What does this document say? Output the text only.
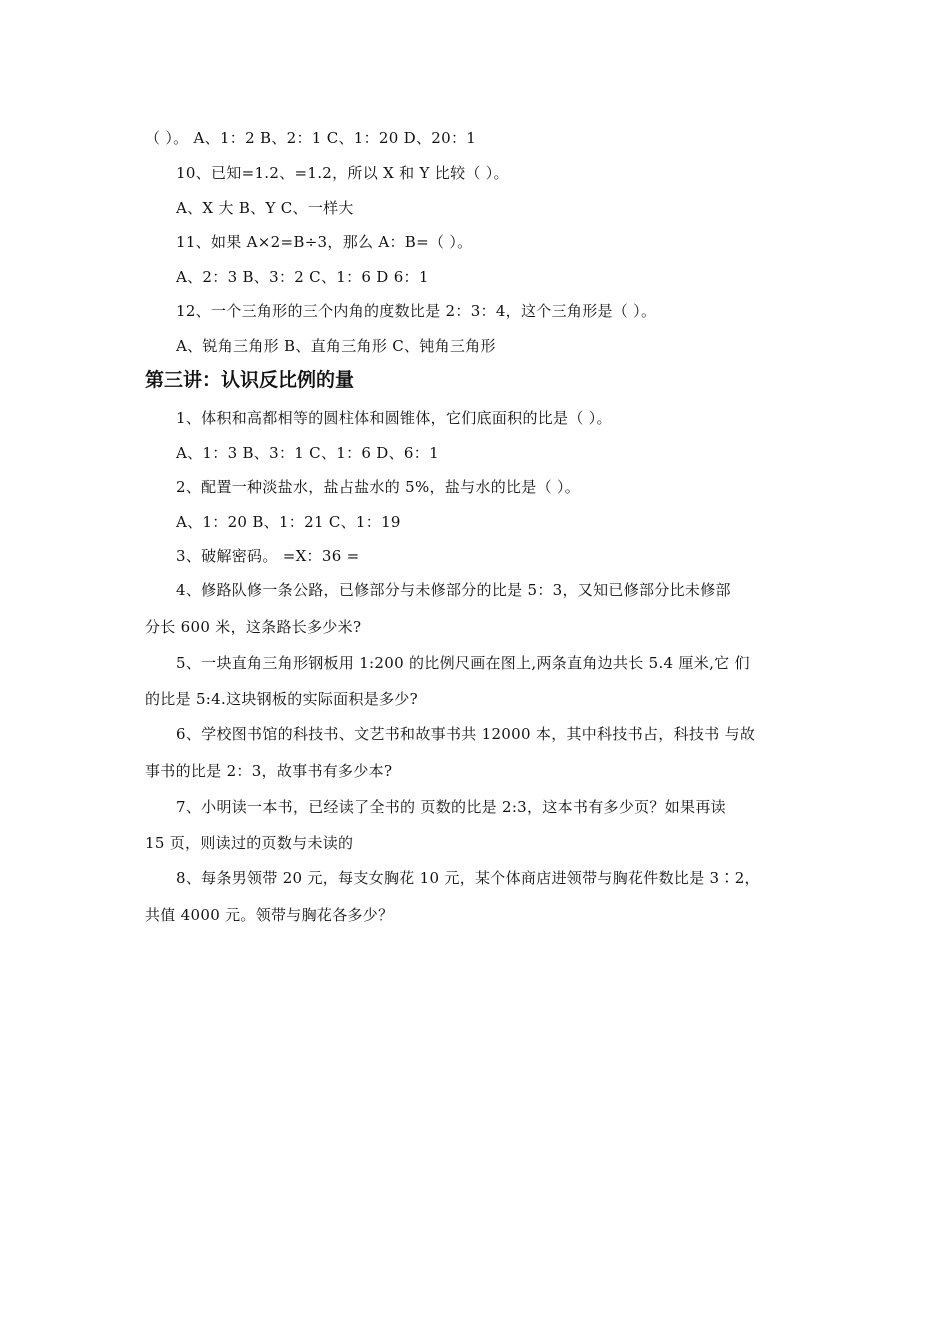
（ ）。 A、1：2 B、2：1 C、1：20 D、20：1
10、已知=1.2、=1.2，所以 X 和 Y 比较（ ）。
A、X 大 B、Y C、一样大
11、如果 A×2=B÷3，那么 A：B=（ ）。
A、2：3 B、3：2 C、1：6 D 6：1
12、一个三角形的三个内角的度数比是 2：3：4，这个三角形是（ ）。
A、锐角三角形 B、直角三角形 C、钝角三角形
第三讲：认识反比例的量
1、体积和高都相等的圆柱体和圆锥体，它们底面积的比是（ ）。
A、1：3 B、3：1 C、1：6 D、6：1
2、配置一种淡盐水，盐占盐水的 5%，盐与水的比是（ ）。
A、1：20 B、1：21 C、1：19
3、破解密码。 =X：36 =
4、修路队修一条公路，已修部分与未修部分的比是 5：3，又知已修部分比未修部
分长 600 米，这条路长多少米?
5、一块直角三角形钢板用 1:200 的比例尺画在图上,两条直角边共长 5.4 厘米,它 们
的比是 5:4.这块钢板的实际面积是多少?
6、学校图书馆的科技书、文艺书和故事书共 12000 本，其中科技书占，科技书 与故
事书的比是 2：3，故事书有多少本?
7、小明读一本书，已经读了全书的 页数的比是 2:3，这本书有多少页？如果再读
15 页，则读过的页数与未读的
8、每条男领带 20 元，每支女胸花 10 元，某个体商店进领带与胸花件数比是 3∶2，
共值 4000 元。领带与胸花各多少？
